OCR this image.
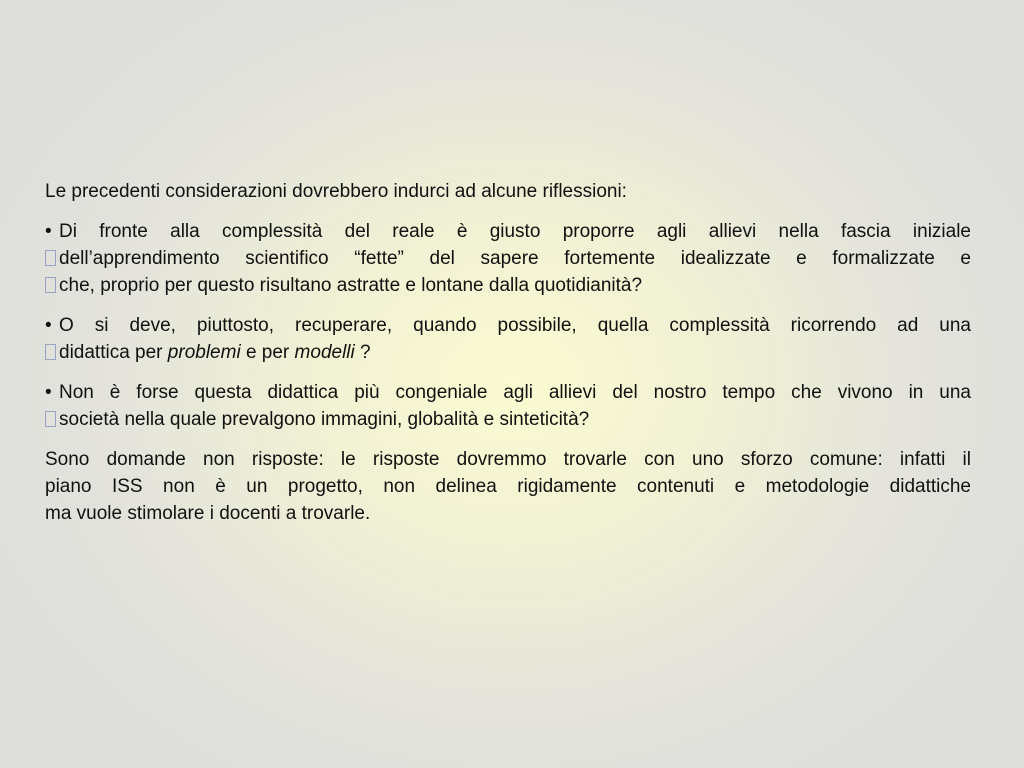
Le precedenti considerazioni dovrebbero indurci ad alcune riflessioni:

• Di fronte alla complessità del reale è giusto proporre agli allievi nella fascia iniziale
dell’apprendimento scientifico “fette” del sapere fortemente idealizzate e formalizzate e
che, proprio per questo risultano astratte e lontane dalla quotidianità?

• O si deve, piuttosto, recuperare, quando possibile, quella complessità ricorrendo ad una
didattica per problemi e per modelli ?

• Non è forse questa didattica più congeniale agli allievi del nostro tempo che vivono in una
società nella quale prevalgono immagini, globalità e sinteticità?

Sono domande non risposte: le risposte dovremmo trovarle con uno sforzo comune: infatti il
piano ISS non è un progetto, non delinea rigidamente contenuti e metodologie didattiche
ma vuole stimolare i docenti a trovarle.
